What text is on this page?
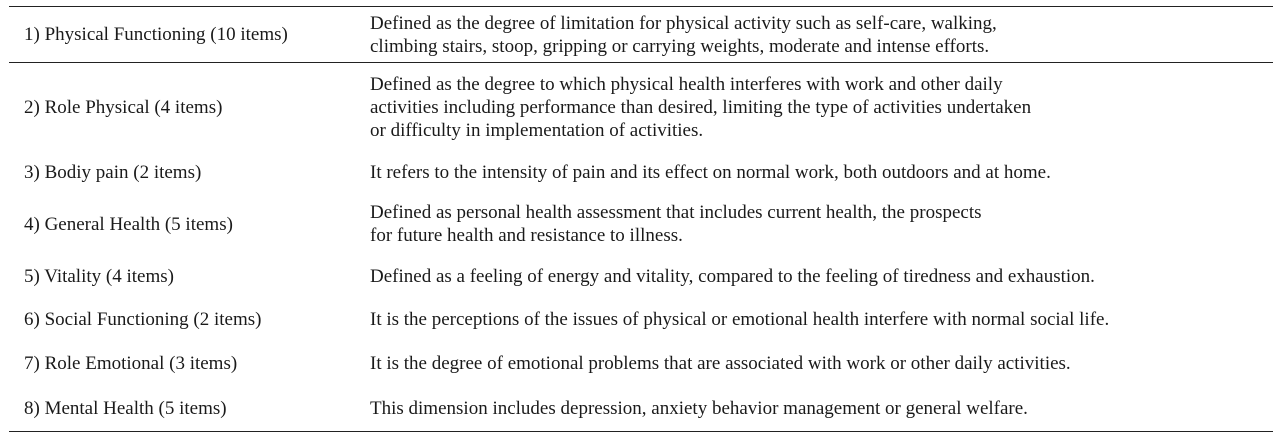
1) Physical Functioning (10 items)	Defined as the degree of limitation for physical activity such as self-care, walking,
climbing stairs, stoop, gripping or carrying weights, moderate and intense efforts.

2) Role Physical (4 items)	Defined as the degree to which physical health interferes with work and other daily
activities including performance than desired, limiting the type of activities undertaken
or difficulty in implementation of activities.

3) Bodiy pain (2 items)	It refers to the intensity of pain and its effect on normal work, both outdoors and at home.

4) General Health (5 items)	Defined as personal health assessment that includes current health, the prospects
for future health and resistance to illness.

5) Vitality (4 items)	Defined as a feeling of energy and vitality, compared to the feeling of tiredness and exhaustion.

6) Social Functioning (2 items)	It is the perceptions of the issues of physical or emotional health interfere with normal social life.

7) Role Emotional (3 items)	It is the degree of emotional problems that are associated with work or other daily activities.

8) Mental Health (5 items)	This dimension includes depression, anxiety behavior management or general welfare.
